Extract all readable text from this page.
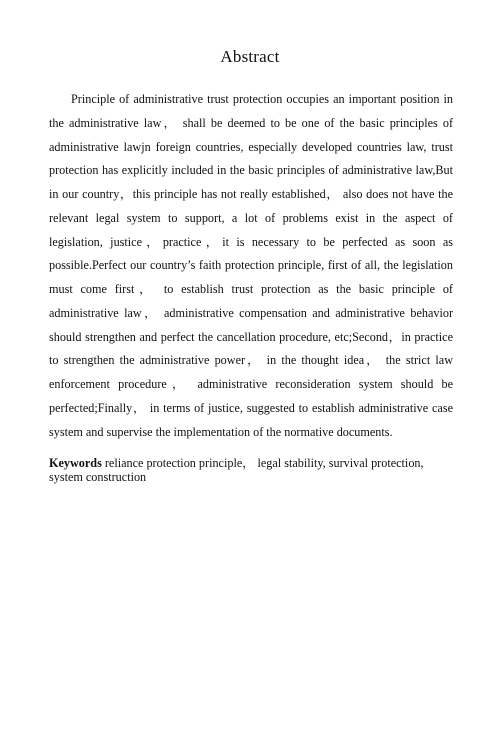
Abstract

Principle of administrative trust protection occupies an important position in the administrative law， shall be deemed to be one of the basic principles of administrative lawjn foreign countries, especially developed countries law, trust protection has explicitly included in the basic principles of administrative law,But in our country，this principle has not really established， also does not have the relevant legal system to support, a lot of problems exist in the aspect of legislation, justice，practice，it is necessary to be perfected as soon as possible.Perfect our country’s faith protection principle, first of all, the legislation must come first， to establish trust protection as the basic principle of administrative law， administrative compensation and administrative behavior should strengthen and perfect the cancellation procedure, etc;Second，in practice to strengthen the administrative power， in the thought idea， the strict law enforcement procedure， administrative reconsideration system should be perfected;Finally， in terms of justice, suggested to establish administrative case system and supervise the implementation of the normative documents.

Keywords reliance protection principle， legal stability, survival protection, system construction
